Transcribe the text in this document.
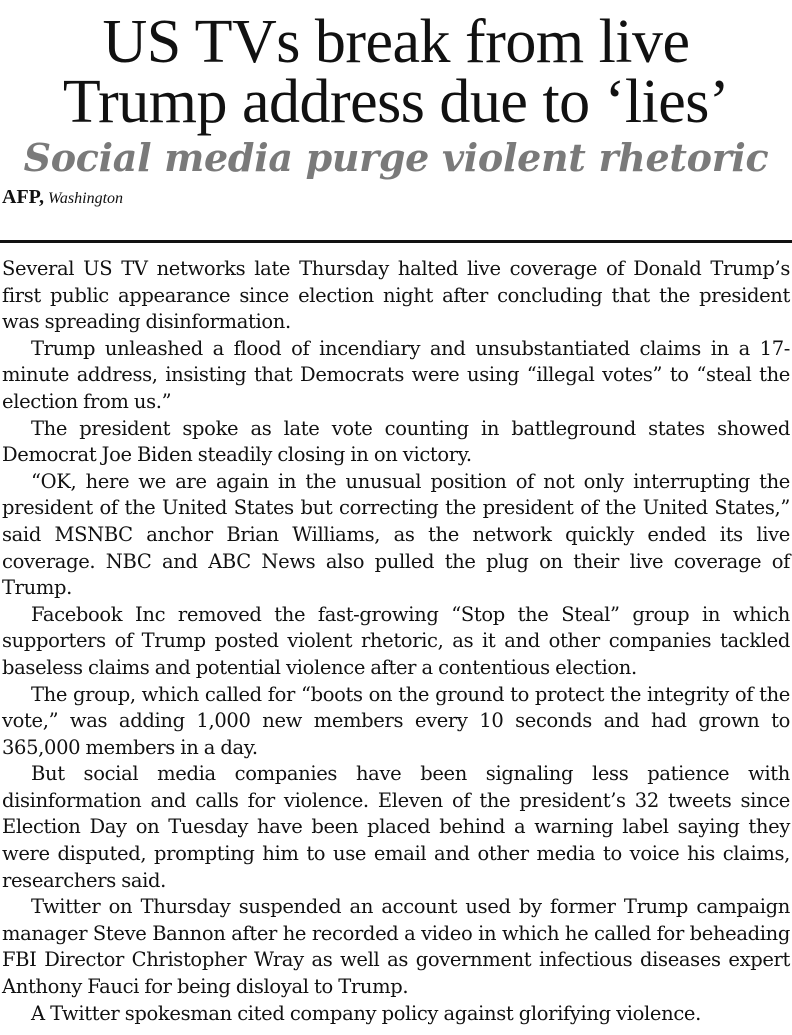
US TVs break from live
Trump address due to ‘lies’
Social media purge violent rhetoric
AFP, Washington

Several US TV networks late Thursday halted live coverage of Donald Trump’s first public appearance since election night after concluding that the president was spreading disinformation.

Trump unleashed a flood of incendiary and unsubstantiated claims in a 17-minute address, insisting that Democrats were using “illegal votes” to “steal the election from us.”

The president spoke as late vote counting in battleground states showed Democrat Joe Biden steadily closing in on victory.

“OK, here we are again in the unusual position of not only interrupting the president of the United States but correcting the president of the United States,” said MSNBC anchor Brian Williams, as the network quickly ended its live coverage. NBC and ABC News also pulled the plug on their live coverage of Trump.

Facebook Inc removed the fast-growing “Stop the Steal” group in which supporters of Trump posted violent rhetoric, as it and other companies tackled baseless claims and potential violence after a contentious election.

The group, which called for “boots on the ground to protect the integrity of the vote,” was adding 1,000 new members every 10 seconds and had grown to 365,000 members in a day.

But social media companies have been signaling less patience with disinformation and calls for violence. Eleven of the president’s 32 tweets since Election Day on Tuesday have been placed behind a warning label saying they were disputed, prompting him to use email and other media to voice his claims, researchers said.

Twitter on Thursday suspended an account used by former Trump campaign manager Steve Bannon after he recorded a video in which he called for beheading FBI Director Christopher Wray as well as government infectious diseases expert Anthony Fauci for being disloyal to Trump.

A Twitter spokesman cited company policy against glorifying violence.
